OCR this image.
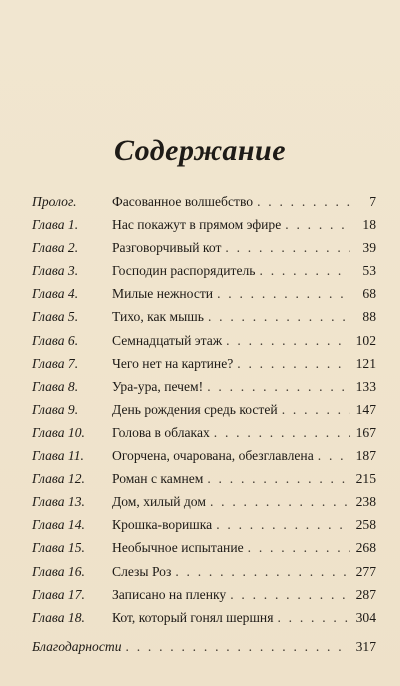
Содержание
Пролог.	Фасованное волшебство . . .	7
Глава 1.	Нас покажут в прямом эфире . . .	18
Глава 2.	Разговорчивый кот . . .	39
Глава 3.	Господин распорядитель . . .	53
Глава 4.	Милые нежности . . .	68
Глава 5.	Тихо, как мышь . . .	88
Глава 6.	Семнадцатый этаж . . .	102
Глава 7.	Чего нет на картине? . . .	121
Глава 8.	Ура-ура, печем! . . .	133
Глава 9.	День рождения средь костей . . .	147
Глава 10.	Голова в облаках . . .	167
Глава 11.	Огорчена, очарована, обезглавлена . . .	187
Глава 12.	Роман с камнем . . .	215
Глава 13.	Дом, хилый дом . . .	238
Глава 14.	Крошка-воришка . . .	258
Глава 15.	Необычное испытание . . .	268
Глава 16.	Слезы Роз . . .	277
Глава 17.	Записано на пленку . . .	287
Глава 18.	Кот, который гонял шершня . . .	304
Благодарности . . .	317
